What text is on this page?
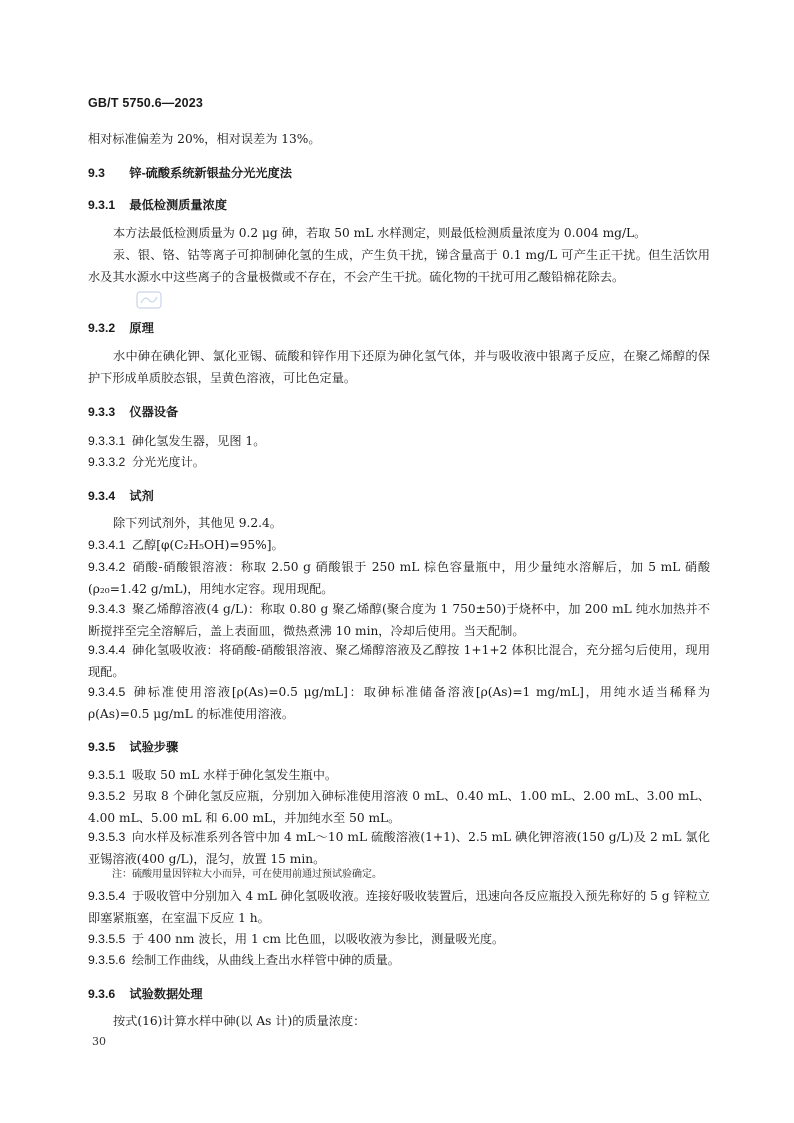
GB/T 5750.6—2023
相对标准偏差为 20%，相对误差为 13%。
9.3 锌-硫酸系统新银盐分光光度法
9.3.1 最低检测质量浓度
本方法最低检测质量为 0.2 μg 砷，若取 50 mL 水样测定，则最低检测质量浓度为 0.004 mg/L。
汞、银、铬、钴等离子可抑制砷化氢的生成，产生负干扰，锑含量高于 0.1 mg/L 可产生正干扰。但生活饮用水及其水源水中这些离子的含量极微或不存在，不会产生干扰。硫化物的干扰可用乙酸铅棉花除去。
9.3.2 原理
水中砷在碘化钾、氯化亚锡、硫酸和锌作用下还原为砷化氢气体，并与吸收液中银离子反应，在聚乙烯醇的保护下形成单质胶态银，呈黄色溶液，可比色定量。
9.3.3 仪器设备
9.3.3.1 砷化氢发生器，见图 1。
9.3.3.2 分光光度计。
9.3.4 试剂
除下列试剂外，其他见 9.2.4。
9.3.4.1 乙醇[φ(C₂H₅OH)=95%]。
9.3.4.2 硝酸-硝酸银溶液：称取 2.50 g 硝酸银于 250 mL 棕色容量瓶中，用少量纯水溶解后，加 5 mL 硝酸(ρ₂₀=1.42 g/mL)，用纯水定容。现用现配。
9.3.4.3 聚乙烯醇溶液(4 g/L)：称取 0.80 g 聚乙烯醇(聚合度为 1 750±50)于烧杯中，加 200 mL 纯水加热并不断搅拌至完全溶解后，盖上表面皿，微热煮沸 10 min，冷却后使用。当天配制。
9.3.4.4 砷化氢吸收液：将硝酸-硝酸银溶液、聚乙烯醇溶液及乙醇按 1+1+2 体积比混合，充分摇匀后使用，现用现配。
9.3.4.5 砷标准使用溶液[ρ(As)=0.5 μg/mL]：取砷标准储备溶液[ρ(As)=1 mg/mL]，用纯水适当稀释为 ρ(As)=0.5 μg/mL 的标准使用溶液。
9.3.5 试验步骤
9.3.5.1 吸取 50 mL 水样于砷化氢发生瓶中。
9.3.5.2 另取 8 个砷化氢反应瓶，分别加入砷标准使用溶液 0 mL、0.40 mL、1.00 mL、2.00 mL、3.00 mL、4.00 mL、5.00 mL 和 6.00 mL，并加纯水至 50 mL。
9.3.5.3 向水样及标准系列各管中加 4 mL～10 mL 硫酸溶液(1+1)、2.5 mL 碘化钾溶液(150 g/L)及 2 mL 氯化亚锡溶液(400 g/L)，混匀，放置 15 min。
注：硫酸用量因锌粒大小而异，可在使用前通过预试验确定。
9.3.5.4 于吸收管中分别加入 4 mL 砷化氢吸收液。连接好吸收装置后，迅速向各反应瓶投入预先称好的 5 g 锌粒立即塞紧瓶塞，在室温下反应 1 h。
9.3.5.5 于 400 nm 波长，用 1 cm 比色皿，以吸收液为参比，测量吸光度。
9.3.5.6 绘制工作曲线，从曲线上查出水样管中砷的质量。
9.3.6 试验数据处理
按式(16)计算水样中砷(以 As 计)的质量浓度：
30
